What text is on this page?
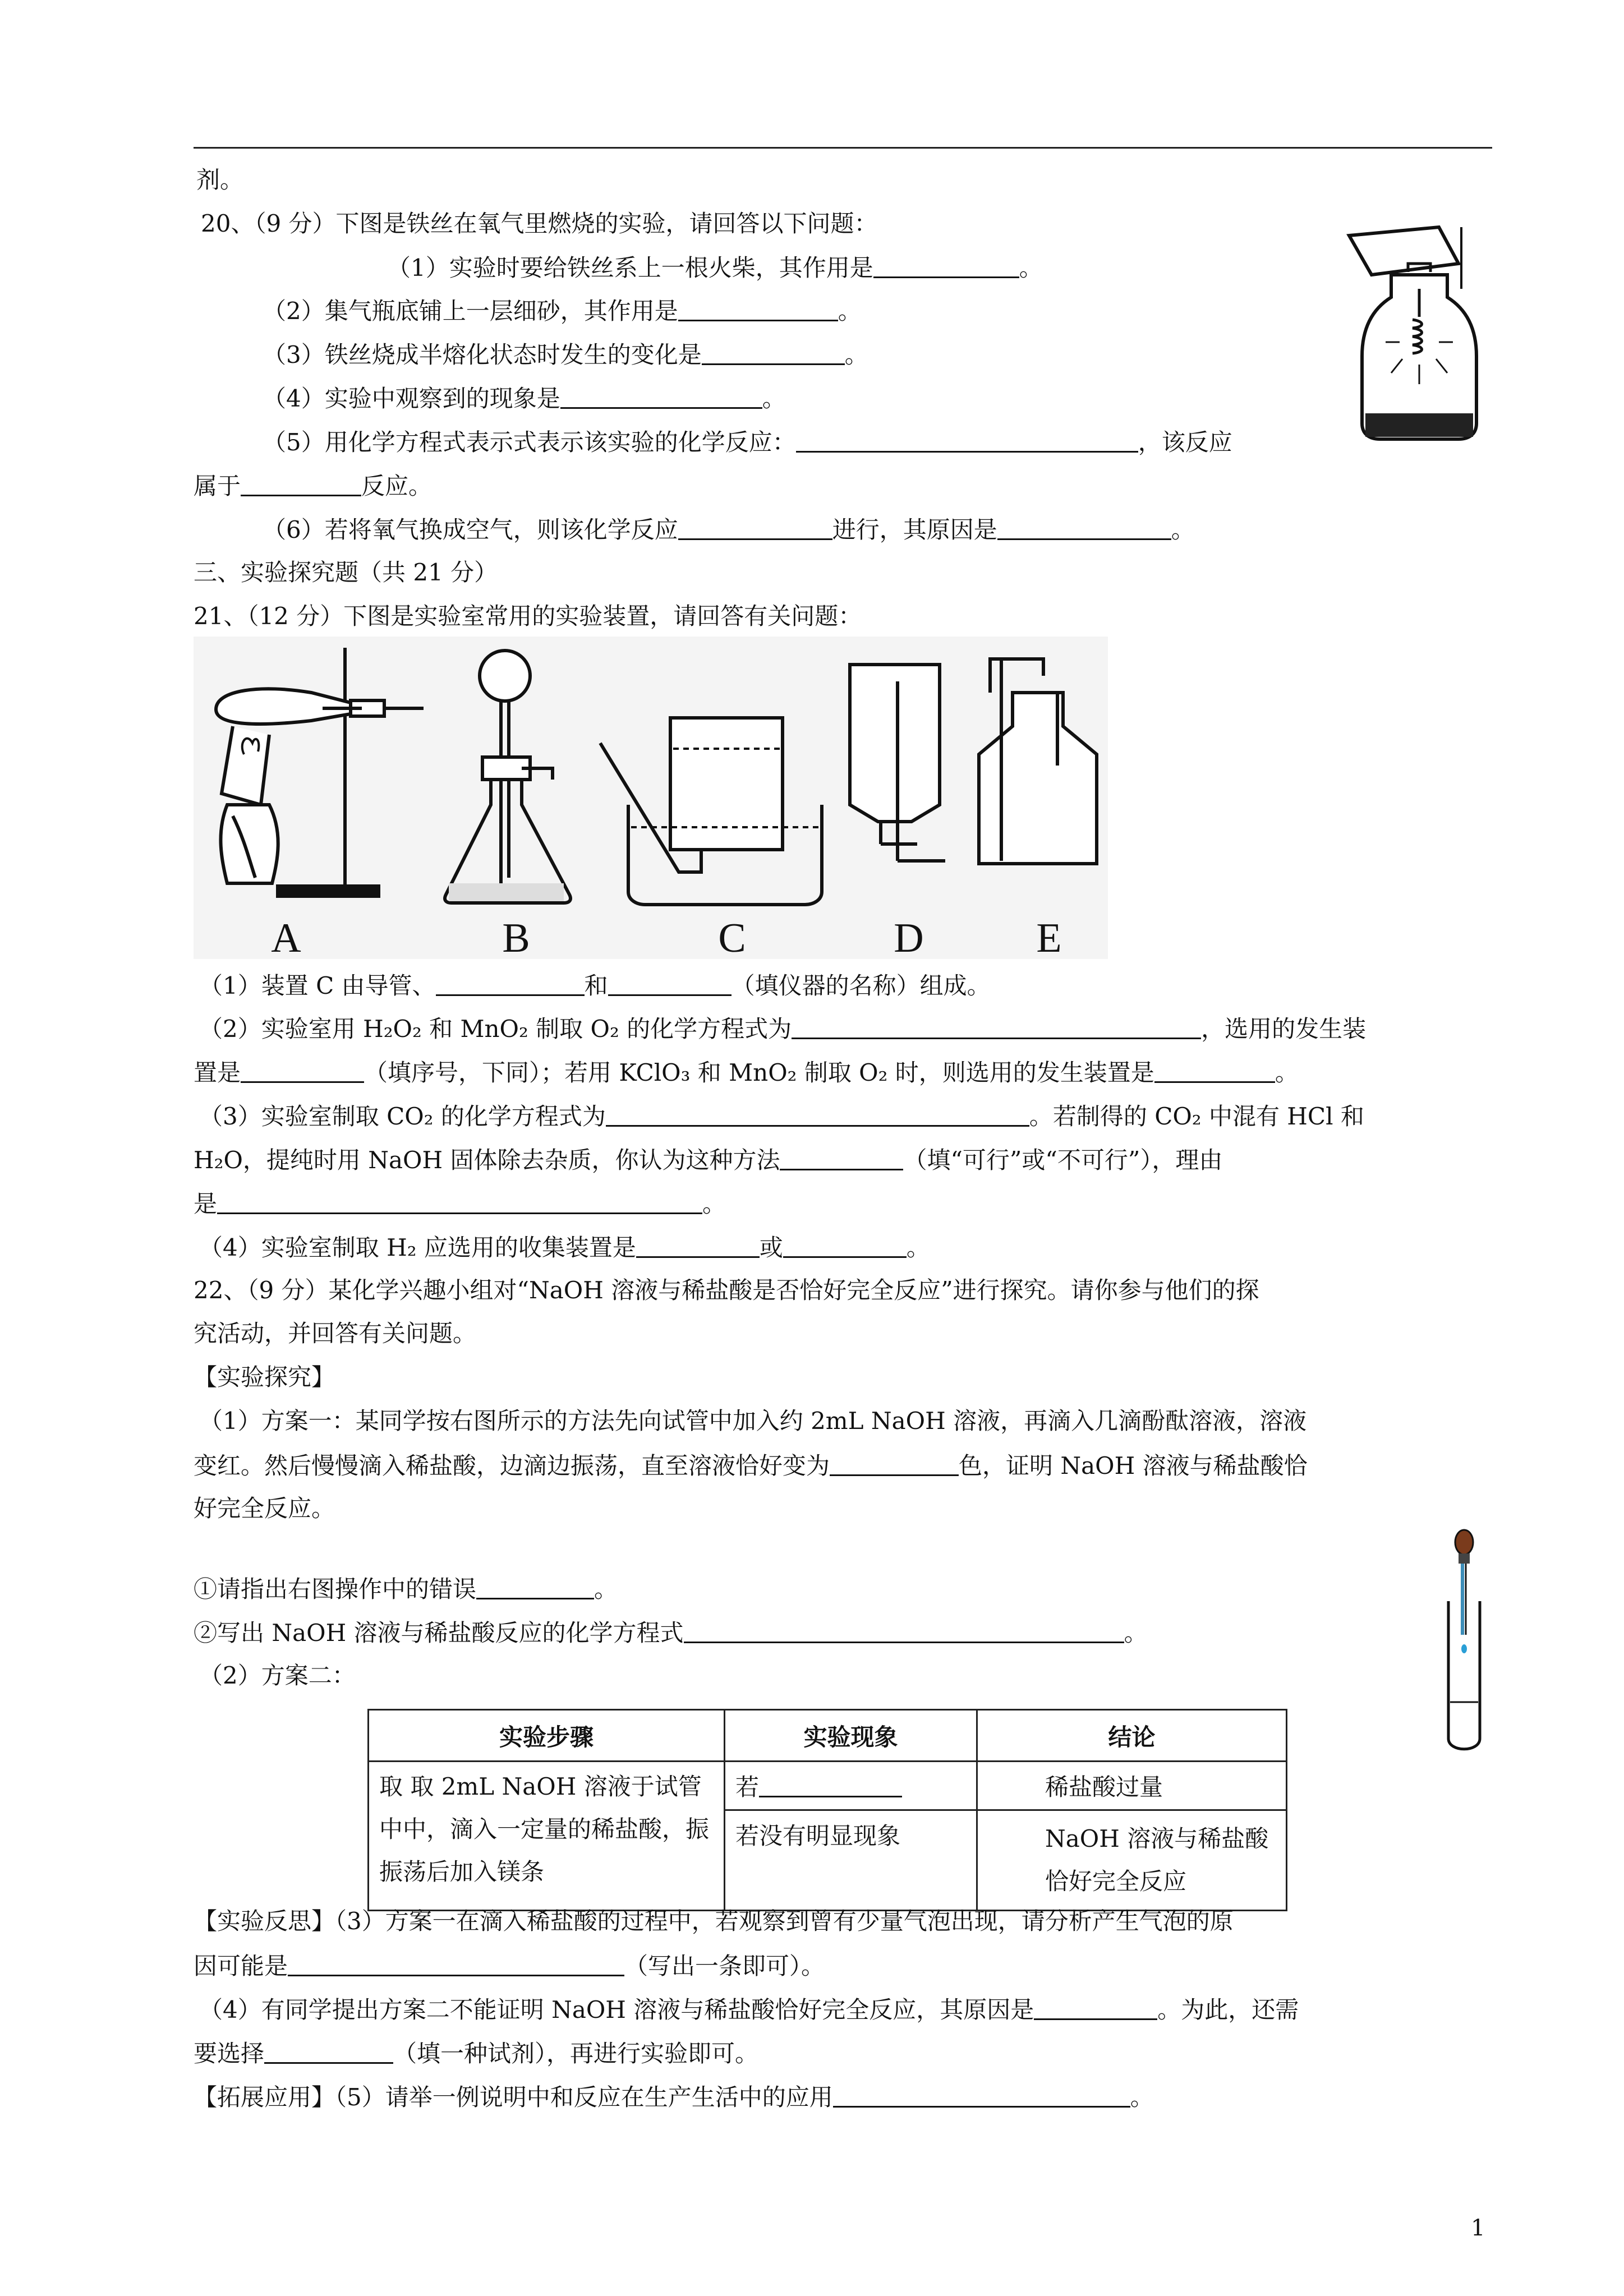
剂。
20、（9 分）下图是铁丝在氧气里燃烧的实验，请回答以下问题：
（1）实验时要给铁丝系上一根火柴，其作用是	。
（2）集气瓶底铺上一层细砂，其作用是	。
（3）铁丝烧成半熔化状态时发生的变化是	。
（4）实验中观察到的现象是	。
（5）用化学方程式表示式表示该实验的化学反应：	，该反应
属于	反应。
（6）若将氧气换成空气，则该化学反应	进行，其原因是	。
三、实验探究题（共 21 分）
21、（12 分）下图是实验室常用的实验装置，请回答有关问题：
A	B	C	D	E
（1）装置 C 由导管、	和	（填仪器的名称）组成。
（2）实验室用 H₂O₂ 和 MnO₂ 制取 O₂ 的化学方程式为	，选用的发生装
置是	（填序号，下同）；若用 KClO₃ 和 MnO₂ 制取 O₂ 时，则选用的发生装置是	。
（3）实验室制取 CO₂ 的化学方程式为	。若制得的 CO₂ 中混有 HCl 和
H₂O，提纯时用 NaOH 固体除去杂质，你认为这种方法	（填“可行”或“不可行”），理由
是	。
（4）实验室制取 H₂ 应选用的收集装置是	或	。
22、（9 分）某化学兴趣小组对“NaOH 溶液与稀盐酸是否恰好完全反应”进行探究。请你参与他们的探
究活动，并回答有关问题。
【实验探究】
（1）方案一：某同学按右图所示的方法先向试管中加入约 2mL NaOH 溶液，再滴入几滴酚酞溶液，溶液
变红。然后慢慢滴入稀盐酸，边滴边振荡，直至溶液恰好变为	色，证明 NaOH 溶液与稀盐酸恰
好完全反应。
①请指出右图操作中的错误	。
②写出 NaOH 溶液与稀盐酸反应的化学方程式	。
（2）方案二：
实验步骤	实验现象	结论
取 取 2mL NaOH 溶液于试管中中，滴入一定量的稀盐酸，振振荡后加入镁条	若	稀盐酸过量
	若没有明显现象	NaOH 溶液与稀盐酸恰好完全反应
【实验反思】（3）方案一在滴入稀盐酸的过程中，若观察到曾有少量气泡出现，请分析产生气泡的原
因可能是	（写出一条即可）。
（4）有同学提出方案二不能证明 NaOH 溶液与稀盐酸恰好完全反应，其原因是	。为此，还需
要选择	（填一种试剂），再进行实验即可。
【拓展应用】（5）请举一例说明中和反应在生产生活中的应用	。
1
